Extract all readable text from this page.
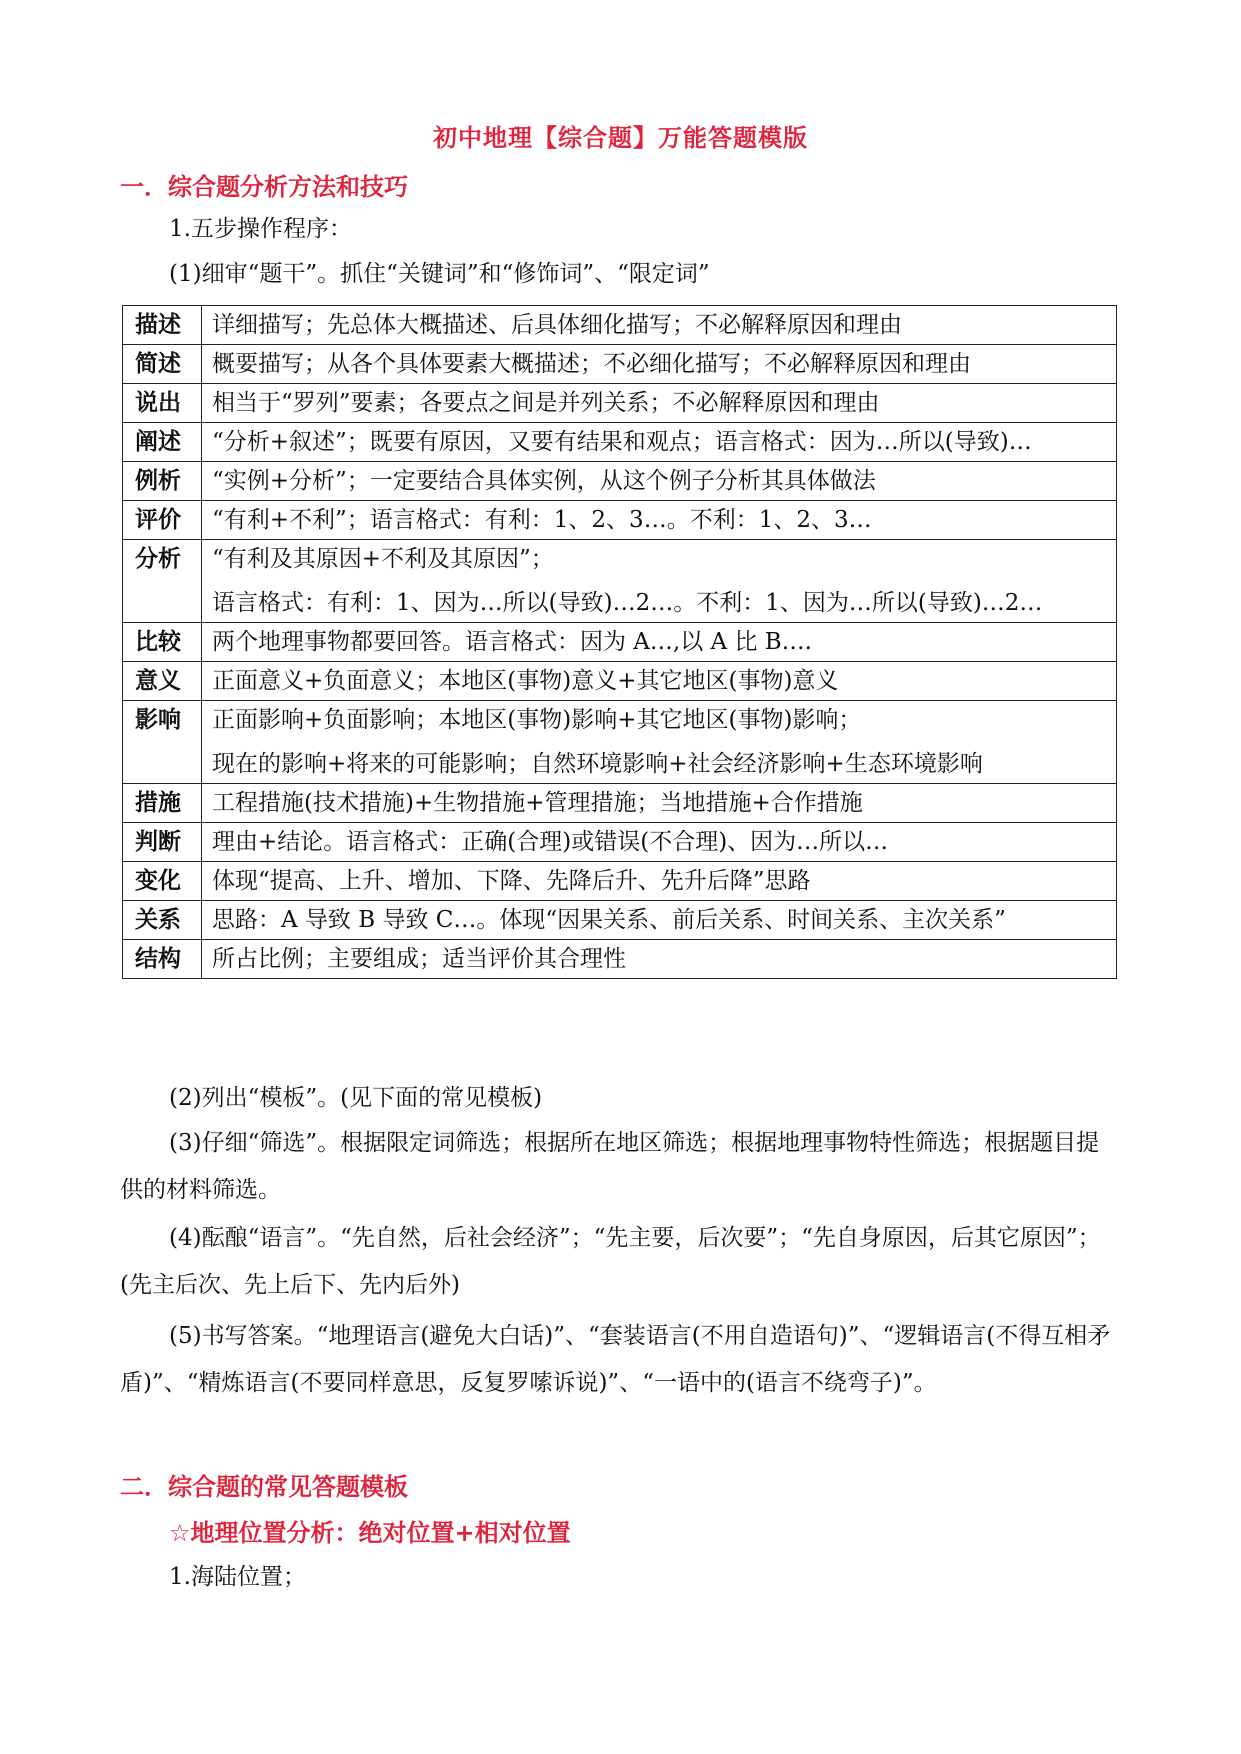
初中地理【综合题】万能答题模版
一．综合题分析方法和技巧
1.五步操作程序：
(1)细审“题干”。抓住“关键词”和“修饰词”、“限定词”
描述	详细描写；先总体大概描述、后具体细化描写；不必解释原因和理由

简述	概要描写；从各个具体要素大概描述；不必细化描写；不必解释原因和理由

说出	相当于“罗列”要素；各要点之间是并列关系；不必解释原因和理由

阐述	“分析+叙述”；既要有原因，又要有结果和观点；语言格式：因为…所以(导致)…

例析	“实例+分析”；一定要结合具体实例，从这个例子分析其具体做法

评价	“有利+不利”；语言格式：有利：1、2、3…。不利：1、2、3…

分析	“有利及其原因+不利及其原因”；
语言格式：有利：1、因为…所以(导致)…2…。不利：1、因为…所以(导致)…2…

比较	两个地理事物都要回答。语言格式：因为 A…,以 A 比 B….

意义	正面意义+负面意义；本地区(事物)意义+其它地区(事物)意义

影响	正面影响+负面影响；本地区(事物)影响+其它地区(事物)影响；
现在的影响+将来的可能影响；自然环境影响+社会经济影响+生态环境影响

措施	工程措施(技术措施)+生物措施+管理措施；当地措施+合作措施

判断	理由+结论。语言格式：正确(合理)或错误(不合理)、因为…所以…

变化	体现“提高、上升、增加、下降、先降后升、先升后降”思路

关系	思路：A 导致 B 导致 C…。体现“因果关系、前后关系、时间关系、主次关系”

结构	所占比例；主要组成；适当评价其合理性
(2)列出“模板”。(见下面的常见模板)
(3)仔细“筛选”。根据限定词筛选；根据所在地区筛选；根据地理事物特性筛选；根据题目提供的材料筛选。
(4)酝酿“语言”。“先自然，后社会经济”；“先主要，后次要”；“先自身原因，后其它原因”；(先主后次、先上后下、先内后外)
(5)书写答案。“地理语言(避免大白话)”、“套装语言(不用自造语句)”、“逻辑语言(不得互相矛盾)”、“精炼语言(不要同样意思，反复罗嗦诉说)”、“一语中的(语言不绕弯子)”。
二．综合题的常见答题模板
☆地理位置分析：绝对位置+相对位置
1.海陆位置；
